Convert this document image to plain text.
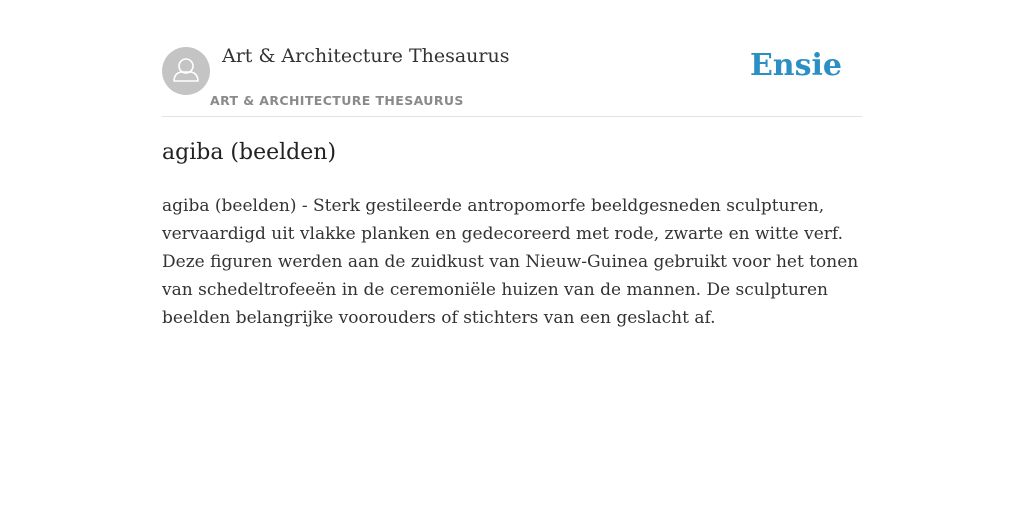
Art & Architecture Thesaurus
ART & ARCHITECTURE THESAURUS
Ensie
agiba (beelden)

agiba (beelden) - Sterk gestileerde antropomorfe beeldgesneden sculpturen, vervaardigd uit vlakke planken en gedecoreerd met rode, zwarte en witte verf. Deze figuren werden aan de zuidkust van Nieuw-Guinea gebruikt voor het tonen van schedeltrofeeën in de ceremoniële huizen van de mannen. De sculpturen beelden belangrijke voorouders of stichters van een geslacht af.
